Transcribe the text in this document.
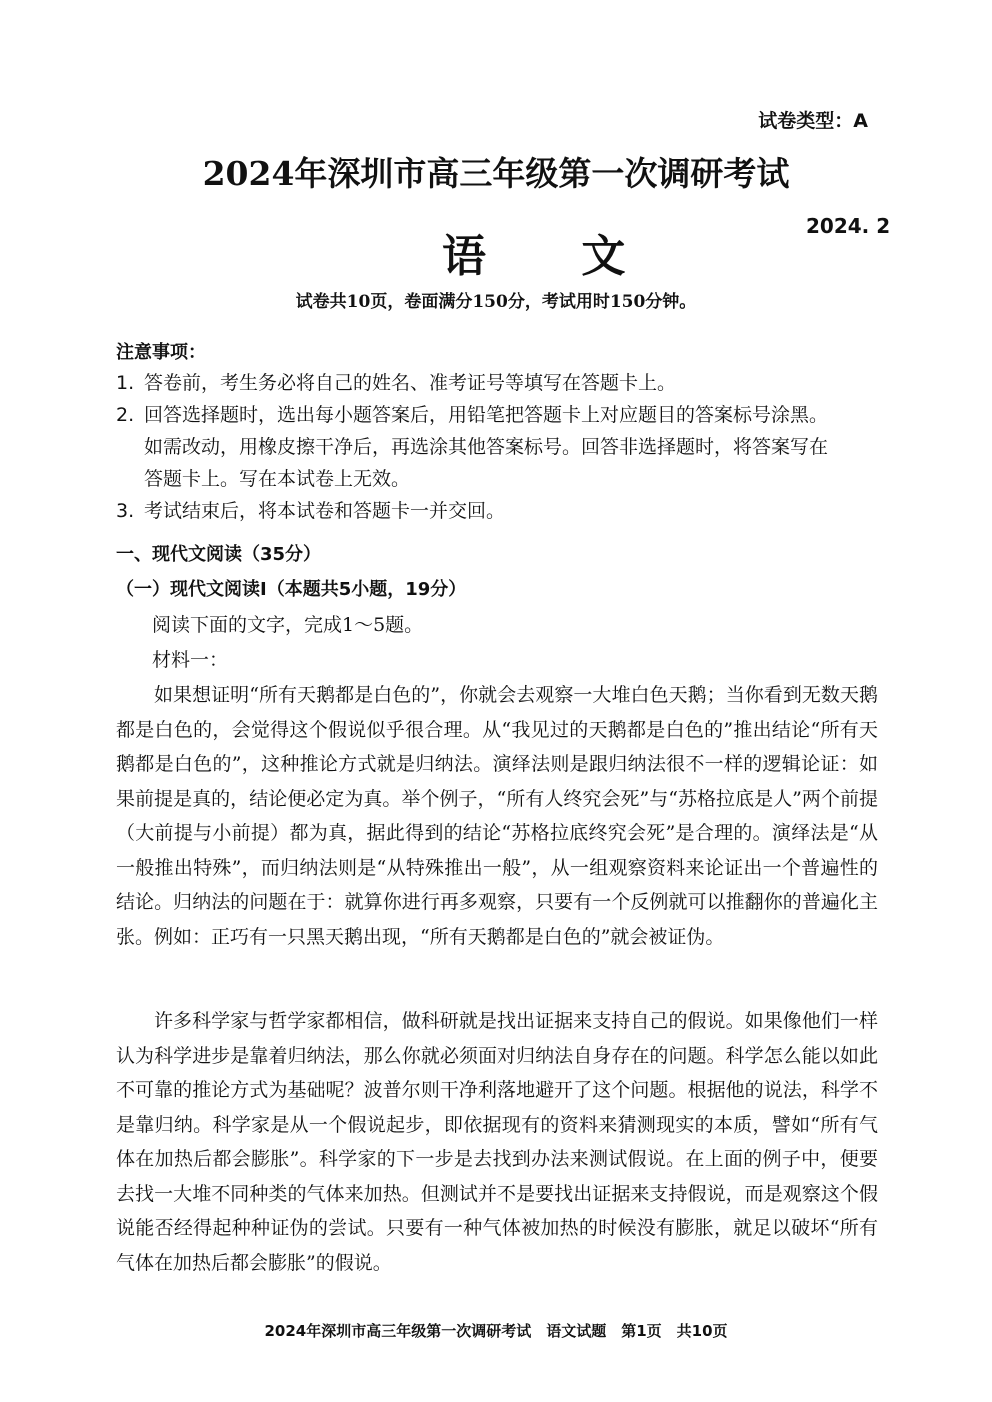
试卷类型：A
2024年深圳市高三年级第一次调研考试
语 文
2024. 2
试卷共10页，卷面满分150分，考试用时150分钟。
注意事项：
1. 答卷前，考生务必将自己的姓名、准考证号等填写在答题卡上。
2. 回答选择题时，选出每小题答案后，用铅笔把答题卡上对应题目的答案标号涂黑。
如需改动，用橡皮擦干净后，再选涂其他答案标号。回答非选择题时，将答案写在
答题卡上。写在本试卷上无效。
3. 考试结束后，将本试卷和答题卡一并交回。
一、现代文阅读（35分）
（一）现代文阅读Ⅰ（本题共5小题，19分）
阅读下面的文字，完成1～5题。
材料一：
如果想证明“所有天鹅都是白色的”，你就会去观察一大堆白色天鹅；当你看到无数天鹅都是白色的，会觉得这个假说似乎很合理。从“我见过的天鹅都是白色的”推出结论“所有天鹅都是白色的”，这种推论方式就是归纳法。演绎法则是跟归纳法很不一样的逻辑论证：如果前提是真的，结论便必定为真。举个例子，“所有人终究会死”与“苏格拉底是人”两个前提（大前提与小前提）都为真，据此得到的结论“苏格拉底终究会死”是合理的。演绎法是“从一般推出特殊”，而归纳法则是“从特殊推出一般”，从一组观察资料来论证出一个普遍性的结论。归纳法的问题在于：就算你进行再多观察，只要有一个反例就可以推翻你的普遍化主张。例如：正巧有一只黑天鹅出现，“所有天鹅都是白色的”就会被证伪。
许多科学家与哲学家都相信，做科研就是找出证据来支持自己的假说。如果像他们一样认为科学进步是靠着归纳法，那么你就必须面对归纳法自身存在的问题。科学怎么能以如此不可靠的推论方式为基础呢？波普尔则干净利落地避开了这个问题。根据他的说法，科学不是靠归纳。科学家是从一个假说起步，即依据现有的资料来猜测现实的本质，譬如“所有气体在加热后都会膨胀”。科学家的下一步是去找到办法来测试假说。在上面的例子中，便要去找一大堆不同种类的气体来加热。但测试并不是要找出证据来支持假说，而是观察这个假说能否经得起种种证伪的尝试。只要有一种气体被加热的时候没有膨胀，就足以破坏“所有气体在加热后都会膨胀”的假说。
2024年深圳市高三年级第一次调研考试　语文试题　第1页　共10页
